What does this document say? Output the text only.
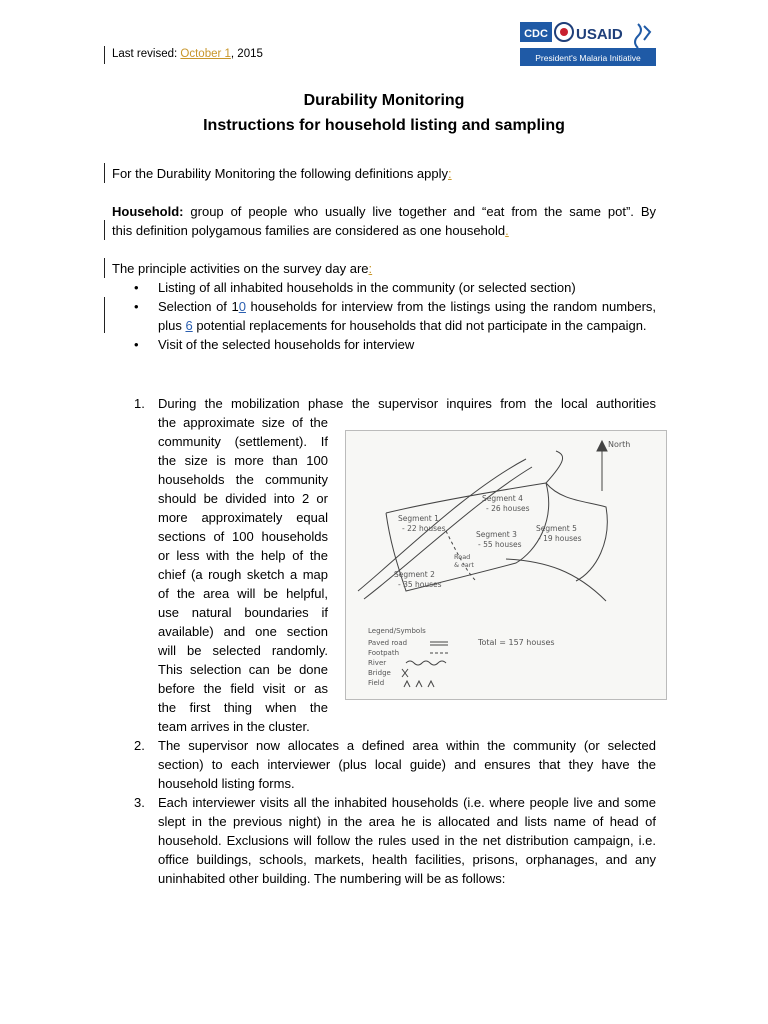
Last revised: October 1, 2015
CDC USAID
President's Malaria Initiative
Durability Monitoring
Instructions for household listing and sampling

For the Durability Monitoring the following definitions apply:

Household: group of people who usually live together and “eat from the same pot”. By

this definition polygamous families are considered as one household.

The principle activities on the survey day are:

• Listing of all inhabited households in the community (or selected section)
• Selection of 10 households for interview from the listings using the random numbers, plus 6 potential replacements for households that did not participate in the campaign.
• Visit of the selected households for interview
1. During the mobilization phase the supervisor inquires from the local authorities

the approximate size of the

community (settlement). If

the size is more than 100

households the community

should be divided into 2 or

more approximately equal

sections of 100 households

or less with the help of the

chief (a rough sketch a map

of the area will be helpful,

use natural boundaries if

available) and one section

will be selected randomly.

This selection can be done

before the field visit or as

the first thing when the

team arrives in the cluster.

North
Segment 1
- 22 houses
Segment 4
- 26 houses
Segment 3
- 55 houses
Segment 5
- 19 houses
Segment 2
- 35 houses
Road
& cart
Legend/Symbols
Paved road
Footpath
River
Bridge
Field
Total = 157 houses
2. The supervisor now allocates a defined area within the community (or selected section) to each interviewer (plus local guide) and ensures that they have the household listing forms.

3. Each interviewer visits all the inhabited households (i.e. where people live and some slept in the previous night) in the area he is allocated and lists name of head of household. Exclusions will follow the rules used in the net distribution campaign, i.e. office buildings, schools, markets, health facilities, prisons, orphanages, and any uninhabited other building. The numbering will be as follows:
